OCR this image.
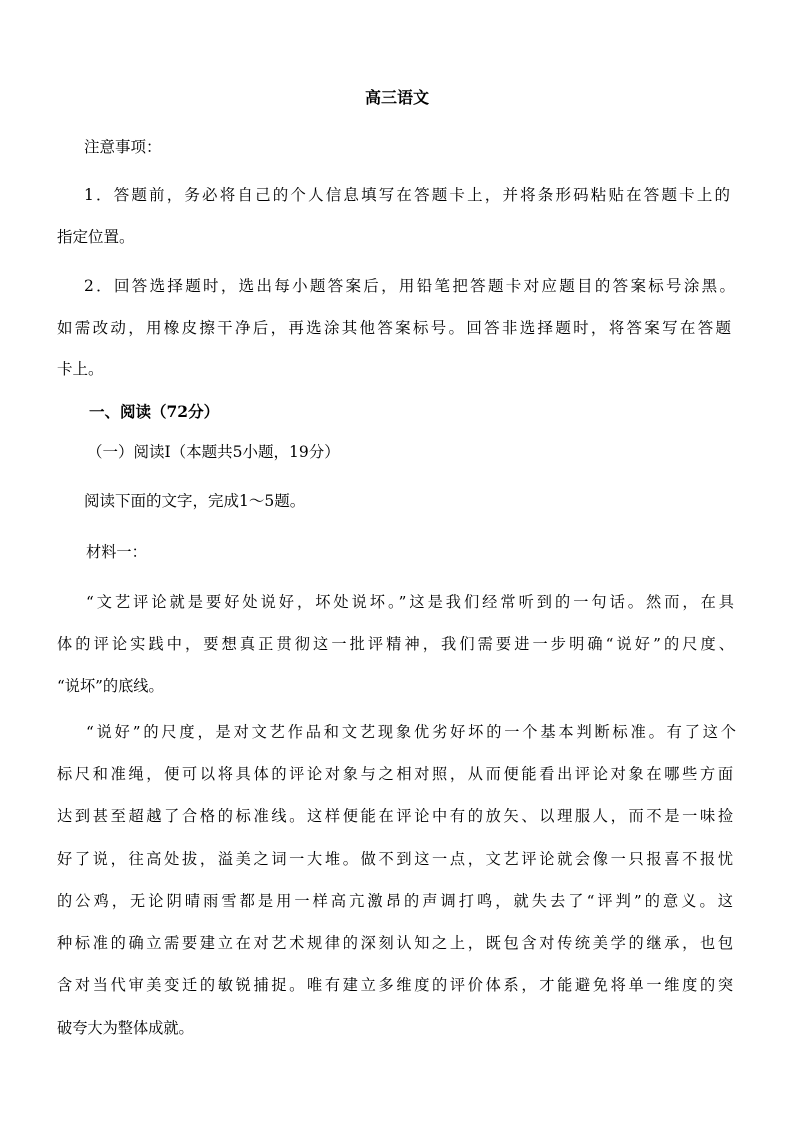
高三语文
注意事项：
1．答题前，务必将自己的个人信息填写在答题卡上，并将条形码粘贴在答题卡上的
指定位置。
2．回答选择题时，选出每小题答案后，用铅笔把答题卡对应题目的答案标号涂黑。
如需改动，用橡皮擦干净后，再选涂其他答案标号。回答非选择题时，将答案写在答题
卡上。
一、阅读（72分）
（一）阅读Ⅰ（本题共5小题，19分）
阅读下面的文字，完成1～5题。
材料一：
“文艺评论就是要好处说好，坏处说坏。”这是我们经常听到的一句话。然而，在具
体的评论实践中，要想真正贯彻这一批评精神，我们需要进一步明确“说好”的尺度、
“说坏”的底线。
“说好”的尺度，是对文艺作品和文艺现象优劣好坏的一个基本判断标准。有了这个
标尺和准绳，便可以将具体的评论对象与之相对照，从而便能看出评论对象在哪些方面
达到甚至超越了合格的标准线。这样便能在评论中有的放矢、以理服人，而不是一味捡
好了说，往高处拔，溢美之词一大堆。做不到这一点，文艺评论就会像一只报喜不报忧
的公鸡，无论阴晴雨雪都是用一样高亢激昂的声调打鸣，就失去了“评判”的意义。这
种标准的确立需要建立在对艺术规律的深刻认知之上，既包含对传统美学的继承，也包
含对当代审美变迁的敏锐捕捉。唯有建立多维度的评价体系，才能避免将单一维度的突
破夸大为整体成就。
